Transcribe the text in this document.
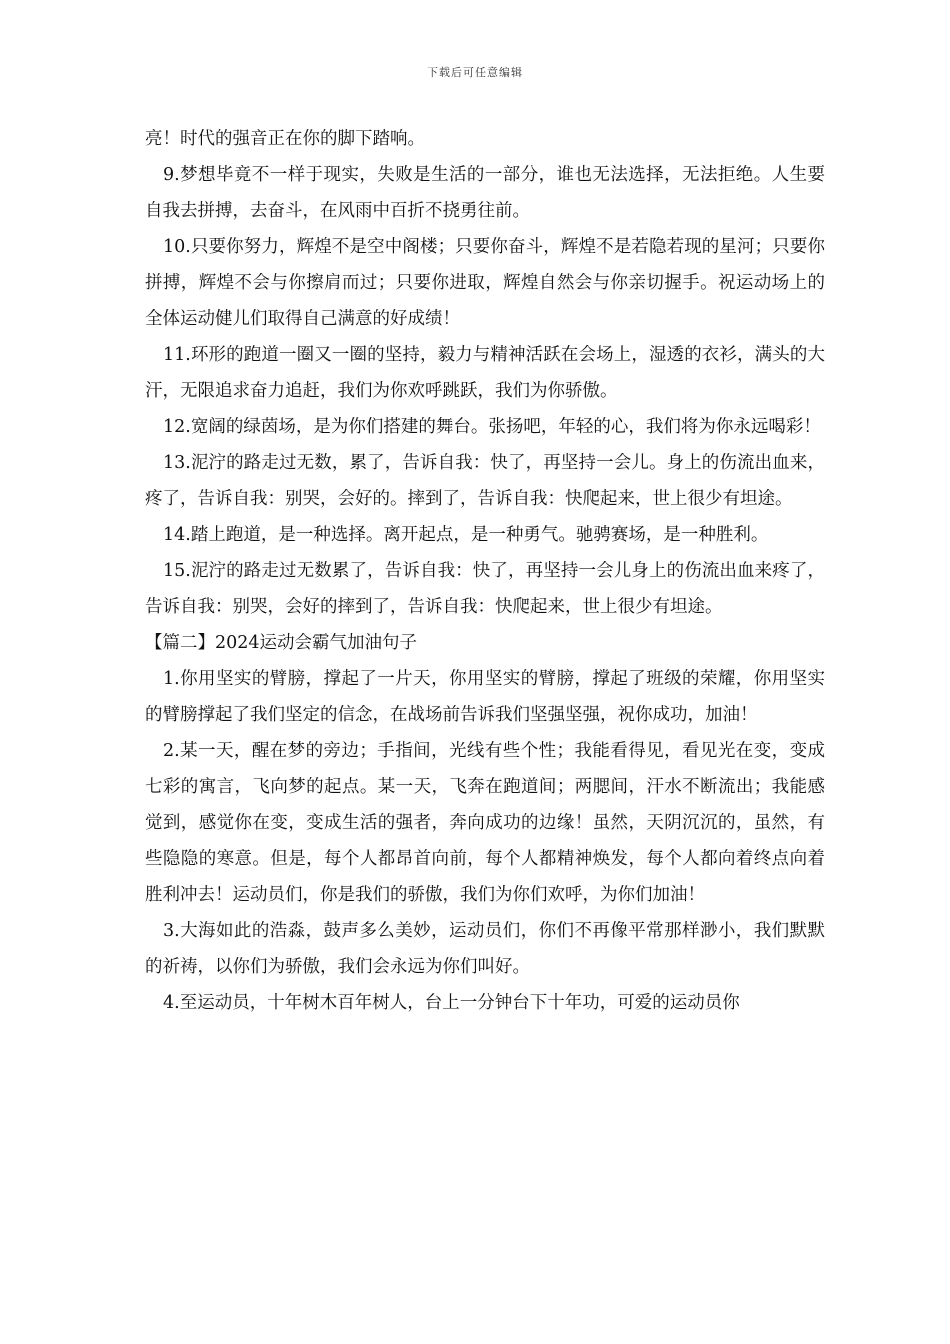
下载后可任意编辑

亮！时代的强音正在你的脚下踏响。

9.梦想毕竟不一样于现实，失败是生活的一部分，谁也无法选择，无法拒绝。人生要自我去拼搏，去奋斗，在风雨中百折不挠勇往前。

10.只要你努力，辉煌不是空中阁楼；只要你奋斗，辉煌不是若隐若现的星河；只要你拼搏，辉煌不会与你擦肩而过；只要你进取，辉煌自然会与你亲切握手。祝运动场上的全体运动健儿们取得自己满意的好成绩！

11.环形的跑道一圈又一圈的坚持，毅力与精神活跃在会场上，湿透的衣衫，满头的大汗，无限追求奋力追赶，我们为你欢呼跳跃，我们为你骄傲。

12.宽阔的绿茵场，是为你们搭建的舞台。张扬吧，年轻的心，我们将为你永远喝彩！

13.泥泞的路走过无数，累了，告诉自我：快了，再坚持一会儿。身上的伤流出血来，疼了，告诉自我：别哭，会好的。摔到了，告诉自我：快爬起来，世上很少有坦途。

14.踏上跑道，是一种选择。离开起点，是一种勇气。驰骋赛场，是一种胜利。

15.泥泞的路走过无数累了，告诉自我：快了，再坚持一会儿身上的伤流出血来疼了，告诉自我：别哭，会好的摔到了，告诉自我：快爬起来，世上很少有坦途。

【篇二】2024运动会霸气加油句子

1.你用坚实的臂膀，撑起了一片天，你用坚实的臂膀，撑起了班级的荣耀，你用坚实的臂膀撑起了我们坚定的信念，在战场前告诉我们坚强坚强，祝你成功，加油！

2.某一天，醒在梦的旁边；手指间，光线有些个性；我能看得见，看见光在变，变成七彩的寓言，飞向梦的起点。某一天，飞奔在跑道间；两腮间，汗水不断流出；我能感觉到，感觉你在变，变成生活的强者，奔向成功的边缘！虽然，天阴沉沉的，虽然，有些隐隐的寒意。但是，每个人都昂首向前，每个人都精神焕发，每个人都向着终点向着胜利冲去！运动员们，你是我们的骄傲，我们为你们欢呼，为你们加油！

3.大海如此的浩淼，鼓声多么美妙，运动员们，你们不再像平常那样渺小，我们默默的祈祷，以你们为骄傲，我们会永远为你们叫好。

4.至运动员，十年树木百年树人，台上一分钟台下十年功，可爱的运动员你
